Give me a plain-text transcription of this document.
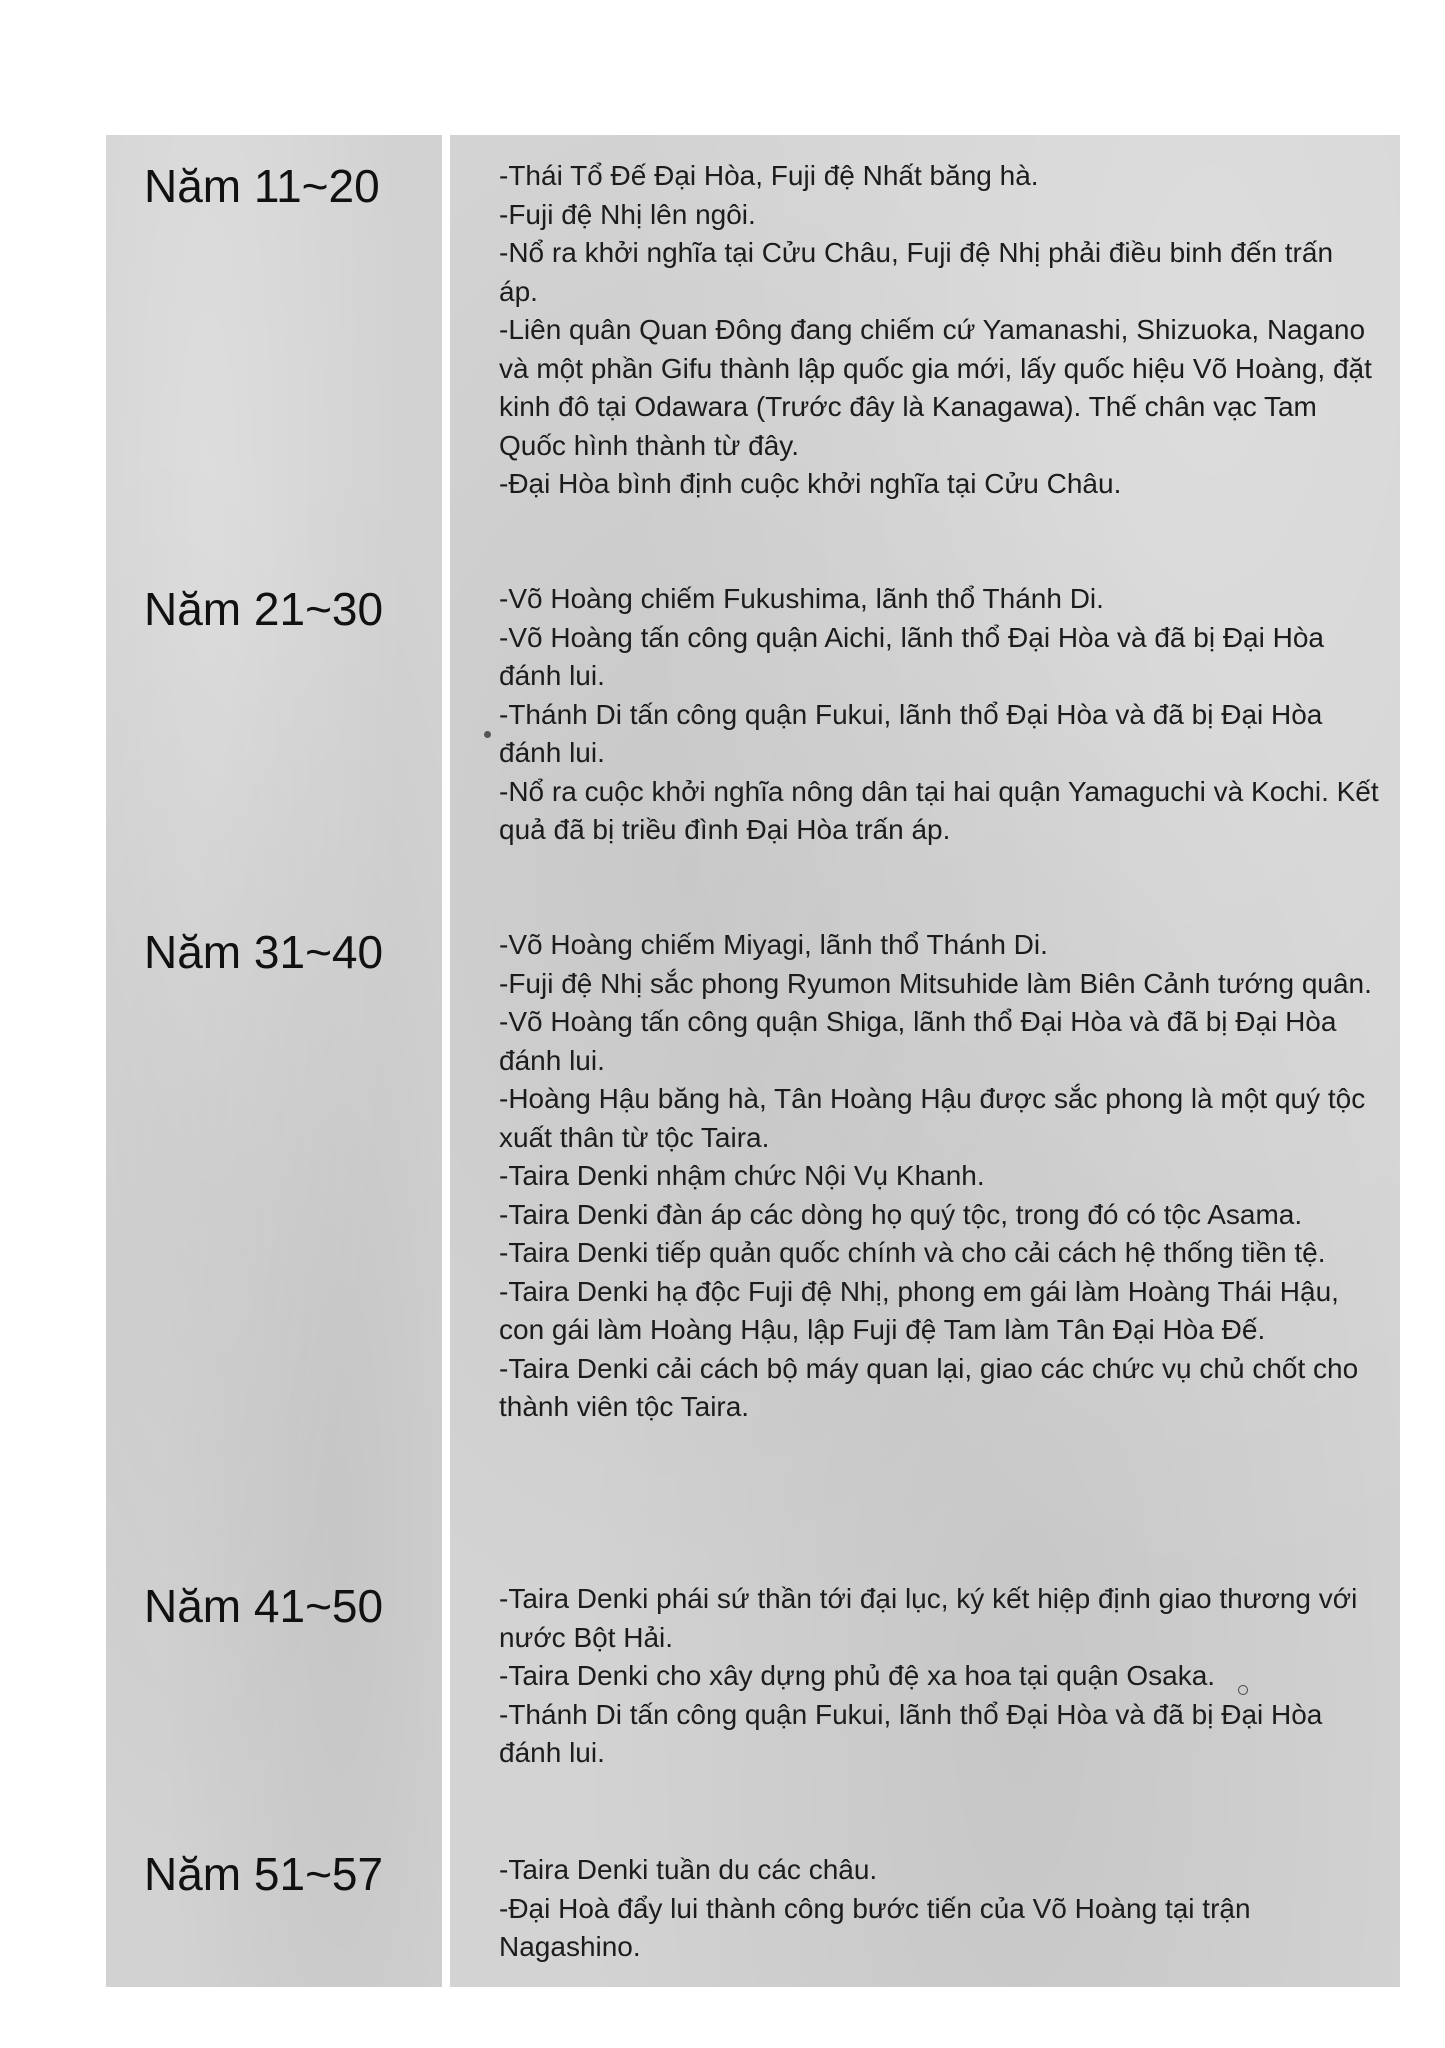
Năm 11~20	-Thái Tổ Đế Đại Hòa, Fuji đệ Nhất băng hà.
-Fuji đệ Nhị lên ngôi.
-Nổ ra khởi nghĩa tại Cửu Châu, Fuji đệ Nhị phải điều binh đến trấn áp.
-Liên quân Quan Đông đang chiếm cứ Yamanashi, Shizuoka, Nagano và một phần Gifu thành lập quốc gia mới, lấy quốc hiệu Võ Hoàng, đặt kinh đô tại Odawara (Trước đây là Kanagawa). Thế chân vạc Tam Quốc hình thành từ đây.
-Đại Hòa bình định cuộc khởi nghĩa tại Cửu Châu.
Năm 21~30	-Võ Hoàng chiếm Fukushima, lãnh thổ Thánh Di.
-Võ Hoàng tấn công quận Aichi, lãnh thổ Đại Hòa và đã bị Đại Hòa đánh lui.
-Thánh Di tấn công quận Fukui, lãnh thổ Đại Hòa và đã bị Đại Hòa đánh lui.
-Nổ ra cuộc khởi nghĩa nông dân tại hai quận Yamaguchi và Kochi. Kết quả đã bị triều đình Đại Hòa trấn áp.
Năm 31~40	-Võ Hoàng chiếm Miyagi, lãnh thổ Thánh Di.
-Fuji đệ Nhị sắc phong Ryumon Mitsuhide làm Biên Cảnh tướng quân.
-Võ Hoàng tấn công quận Shiga, lãnh thổ Đại Hòa và đã bị Đại Hòa đánh lui.
-Hoàng Hậu băng hà, Tân Hoàng Hậu được sắc phong là một quý tộc xuất thân từ tộc Taira.
-Taira Denki nhậm chức Nội Vụ Khanh.
-Taira Denki đàn áp các dòng họ quý tộc, trong đó có tộc Asama.
-Taira Denki tiếp quản quốc chính và cho cải cách hệ thống tiền tệ.
-Taira Denki hạ độc Fuji đệ Nhị, phong em gái làm Hoàng Thái Hậu, con gái làm Hoàng Hậu, lập Fuji đệ Tam làm Tân Đại Hòa Đế.
-Taira Denki cải cách bộ máy quan lại, giao các chức vụ chủ chốt cho thành viên tộc Taira.
Năm 41~50	-Taira Denki phái sứ thần tới đại lục, ký kết hiệp định giao thương với nước Bột Hải.
-Taira Denki cho xây dựng phủ đệ xa hoa tại quận Osaka.
-Thánh Di tấn công quận Fukui, lãnh thổ Đại Hòa và đã bị Đại Hòa đánh lui.
Năm 51~57	-Taira Denki tuần du các châu.
-Đại Hoà đẩy lui thành công bước tiến của Võ Hoàng tại trận Nagashino.
